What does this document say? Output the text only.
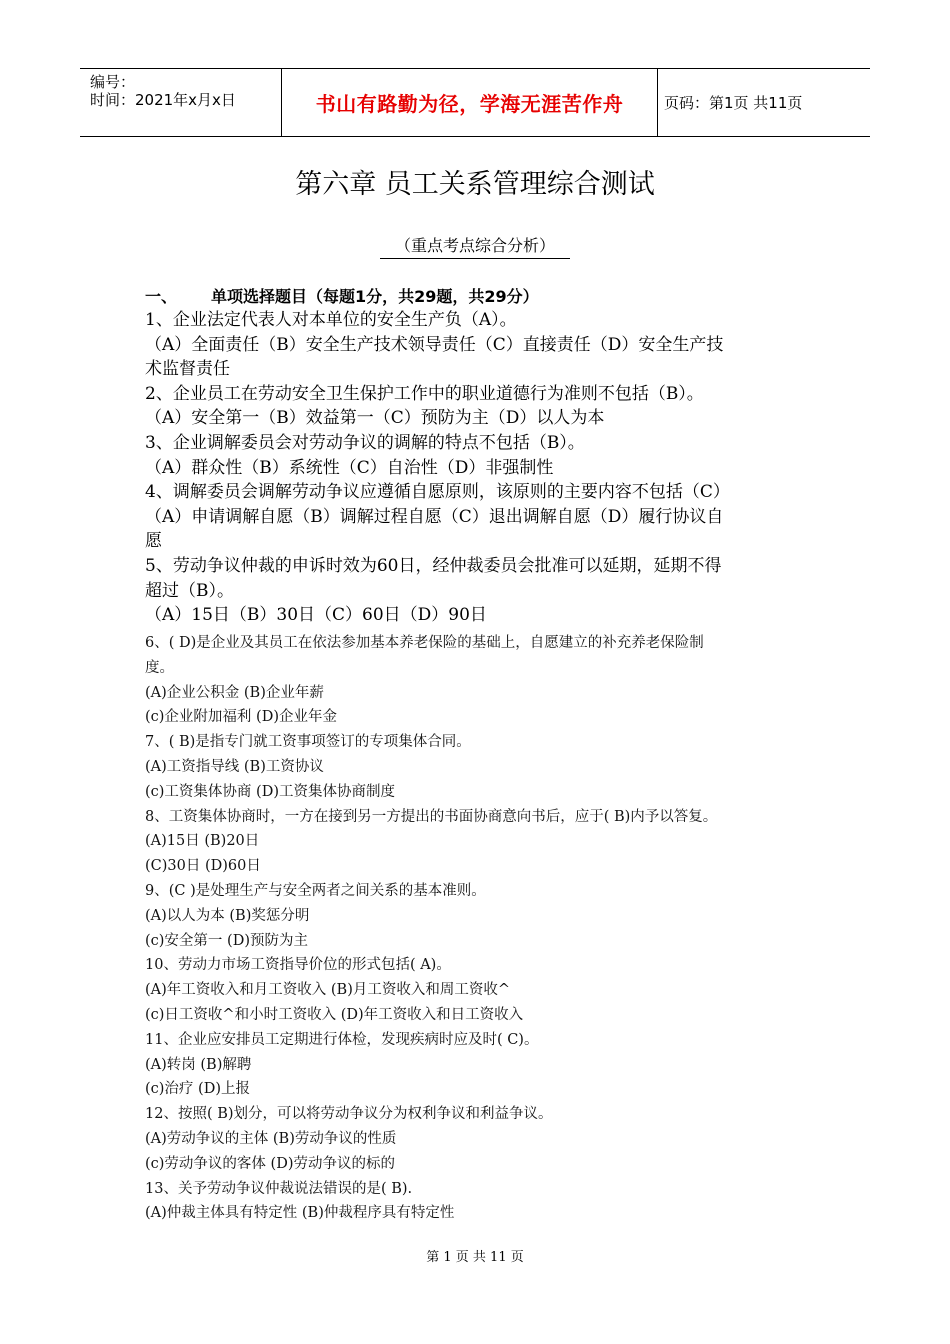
编号：
时间：2021年x月x日	书山有路勤为径，学海无涯苦作舟	页码：第1页 共11页
第六章 员工关系管理综合测试
（重点考点综合分析）
一、 单项选择题目（每题1分，共29题，共29分）
1、企业法定代表人对本单位的安全生产负（A）。
（A）全面责任（B）安全生产技术领导责任（C）直接责任（D）安全生产技
术监督责任
2、企业员工在劳动安全卫生保护工作中的职业道德行为准则不包括（B）。
（A）安全第一（B）效益第一（C）预防为主（D）以人为本
3、企业调解委员会对劳动争议的调解的特点不包括（B）。
（A）群众性（B）系统性（C）自治性（D）非强制性
4、调解委员会调解劳动争议应遵循自愿原则，该原则的主要内容不包括（C）
（A）申请调解自愿（B）调解过程自愿（C）退出调解自愿（D）履行协议自
愿
5、劳动争议仲裁的申诉时效为60日，经仲裁委员会批准可以延期，延期不得
超过（B）。
（A）15日（B）30日（C）60日（D）90日
6、( D)是企业及其员工在依法参加基本养老保险的基础上，自愿建立的补充养老保险制
度。
(A)企业公积金 (B)企业年薪
(c)企业附加福利 (D)企业年金
7、( B)是指专门就工资事项签订的专项集体合同。
(A)工资指导线 (B)工资协议
(c)工资集体协商 (D)工资集体协商制度
8、工资集体协商时，一方在接到另一方提出的书面协商意向书后，应于( B)内予以答复。
(A)15日 (B)20日
(C)30日 (D)60日
9、(C )是处理生产与安全两者之间关系的基本准则。
(A)以人为本 (B)奖惩分明
(c)安全第一 (D)预防为主
10、劳动力市场工资指导价位的形式包括( A)。
(A)年工资收入和月工资收入 (B)月工资收入和周工资收^
(c)日工资收^和小时工资收入 (D)年工资收入和日工资收入
11、企业应安排员工定期进行体检，发现疾病时应及时( C)。
(A)转岗 (B)解聘
(c)治疗 (D)上报
12、按照( B)划分，可以将劳动争议分为权利争议和利益争议。
(A)劳动争议的主体 (B)劳动争议的性质
(c)劳动争议的客体 (D)劳动争议的标的
13、关予劳动争议仲裁说法错误的是( B).
(A)仲裁主体具有特定性 (B)仲裁程序具有特定性
第 1 页 共 11 页
